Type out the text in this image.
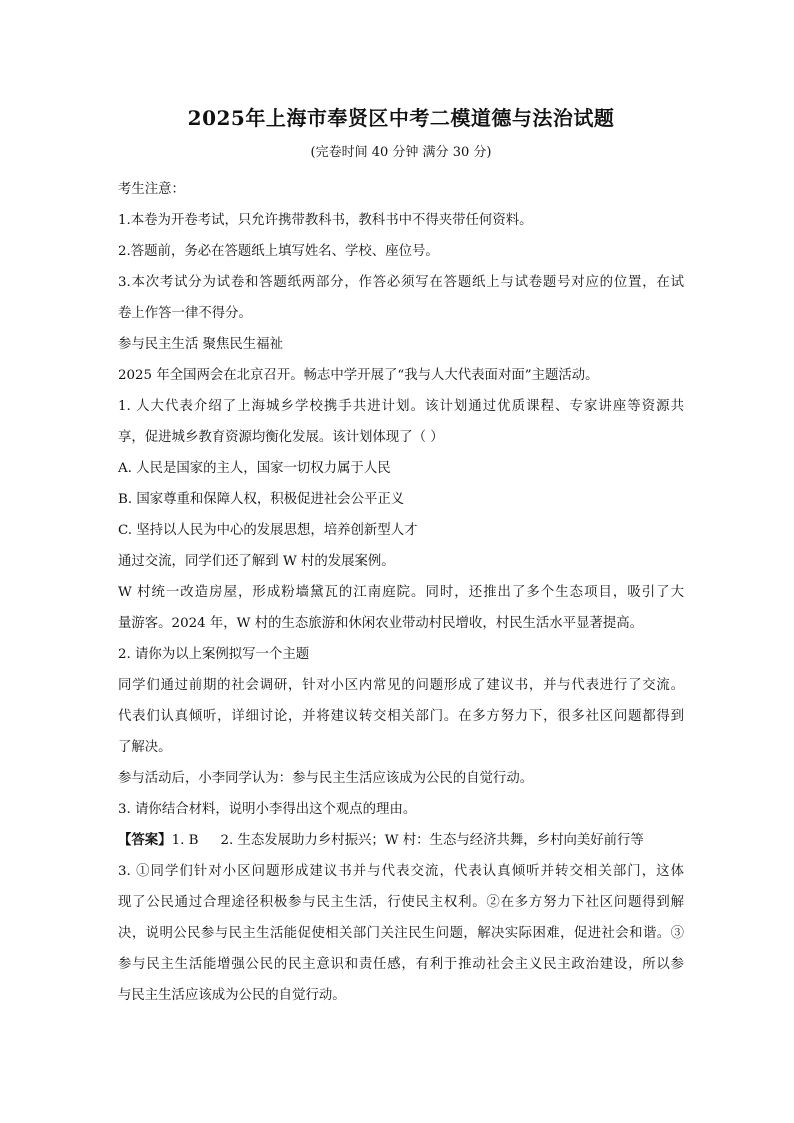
2025年上海市奉贤区中考二模道德与法治试题
(完卷时间 40 分钟 满分 30 分)

考生注意：

1.本卷为开卷考试，只允许携带教科书，教科书中不得夹带任何资料。

2.答题前，务必在答题纸上填写姓名、学校、座位号。

3.本次考试分为试卷和答题纸两部分，作答必须写在答题纸上与试卷题号对应的位置，在试

卷上作答一律不得分。

参与民主生活 聚焦民生福祉

2025 年全国两会在北京召开。畅志中学开展了“我与人大代表面对面”主题活动。

1. 人大代表介绍了上海城乡学校携手共进计划。该计划通过优质课程、专家讲座等资源共

享，促进城乡教育资源均衡化发展。该计划体现了（ ）

A. 人民是国家的主人，国家一切权力属于人民

B. 国家尊重和保障人权，积极促进社会公平正义

C. 坚持以人民为中心的发展思想，培养创新型人才

通过交流，同学们还了解到 W 村的发展案例。

W 村统一改造房屋，形成粉墙黛瓦的江南庭院。同时，还推出了多个生态项目，吸引了大

量游客。2024 年，W 村的生态旅游和休闲农业带动村民增收，村民生活水平显著提高。

2. 请你为以上案例拟写一个主题

同学们通过前期的社会调研，针对小区内常见的问题形成了建议书，并与代表进行了交流。

代表们认真倾听，详细讨论，并将建议转交相关部门。在多方努力下，很多社区问题都得到

了解决。

参与活动后，小李同学认为：参与民主生活应该成为公民的自觉行动。

3. 请你结合材料，说明小李得出这个观点的理由。

【答案】1. B 2. 生态发展助力乡村振兴；W 村：生态与经济共舞，乡村向美好前行等

3. ①同学们针对小区问题形成建议书并与代表交流，代表认真倾听并转交相关部门，这体

现了公民通过合理途径积极参与民主生活，行使民主权利。②在多方努力下社区问题得到解

决，说明公民参与民主生活能促使相关部门关注民生问题，解决实际困难，促进社会和谐。③

参与民主生活能增强公民的民主意识和责任感，有利于推动社会主义民主政治建设，所以参

与民主生活应该成为公民的自觉行动。
